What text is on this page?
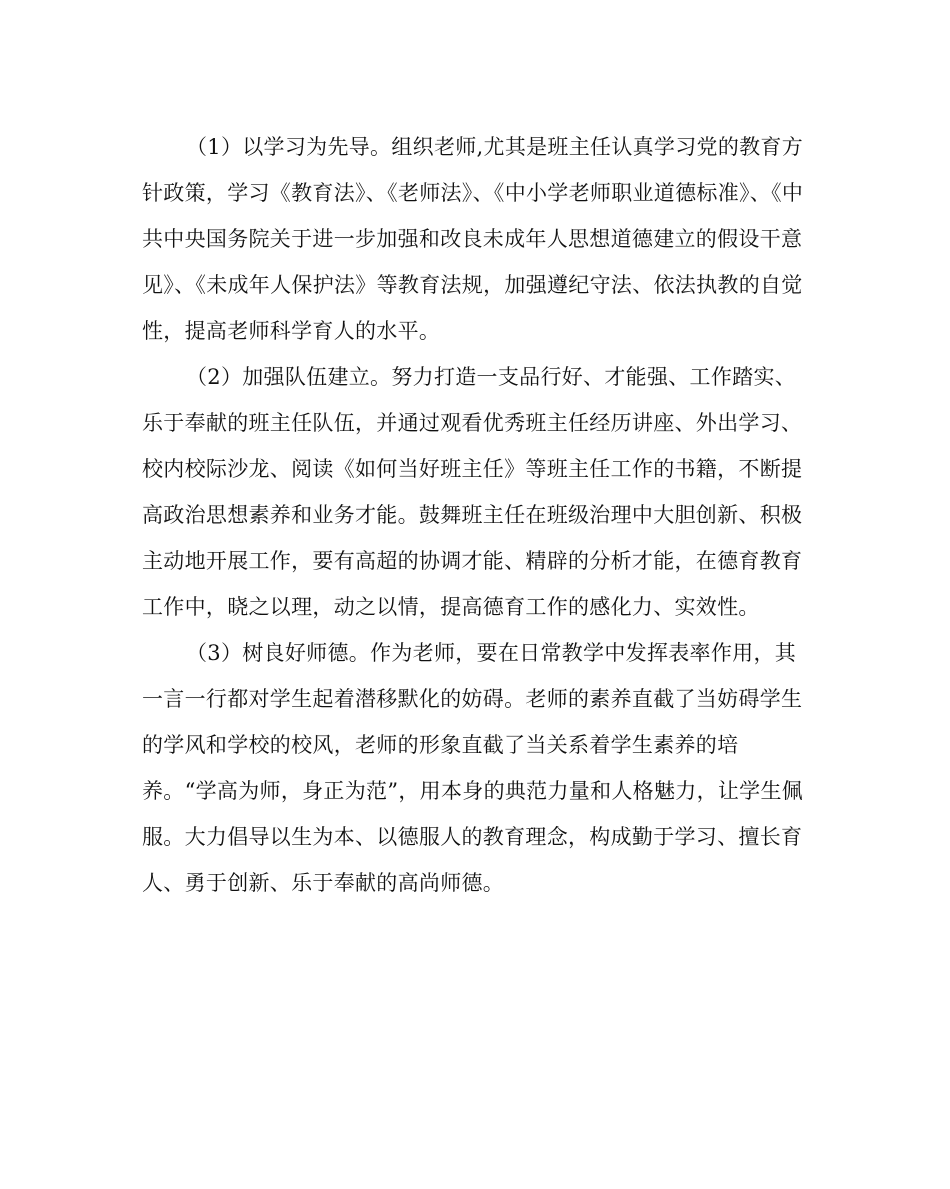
（1）以学习为先导。组织老师,尤其是班主任认真学习党的教育方针政策，学习《教育法》、《老师法》、《中小学老师职业道德标准》、《中共中央国务院关于进一步加强和改良未成年人思想道德建立的假设干意见》、《未成年人保护法》等教育法规，加强遵纪守法、依法执教的自觉性，提高老师科学育人的水平。

（2）加强队伍建立。努力打造一支品行好、才能强、工作踏实、乐于奉献的班主任队伍，并通过观看优秀班主任经历讲座、外出学习、校内校际沙龙、阅读《如何当好班主任》等班主任工作的书籍，不断提高政治思想素养和业务才能。鼓舞班主任在班级治理中大胆创新、积极主动地开展工作，要有高超的协调才能、精辟的分析才能，在德育教育工作中，晓之以理，动之以情，提高德育工作的感化力、实效性。

（3）树良好师德。作为老师，要在日常教学中发挥表率作用，其一言一行都对学生起着潜移默化的妨碍。老师的素养直截了当妨碍学生的学风和学校的校风，老师的形象直截了当关系着学生素养的培养。“学高为师，身正为范”，用本身的典范力量和人格魅力，让学生佩服。大力倡导以生为本、以德服人的教育理念，构成勤于学习、擅长育人、勇于创新、乐于奉献的高尚师德。
